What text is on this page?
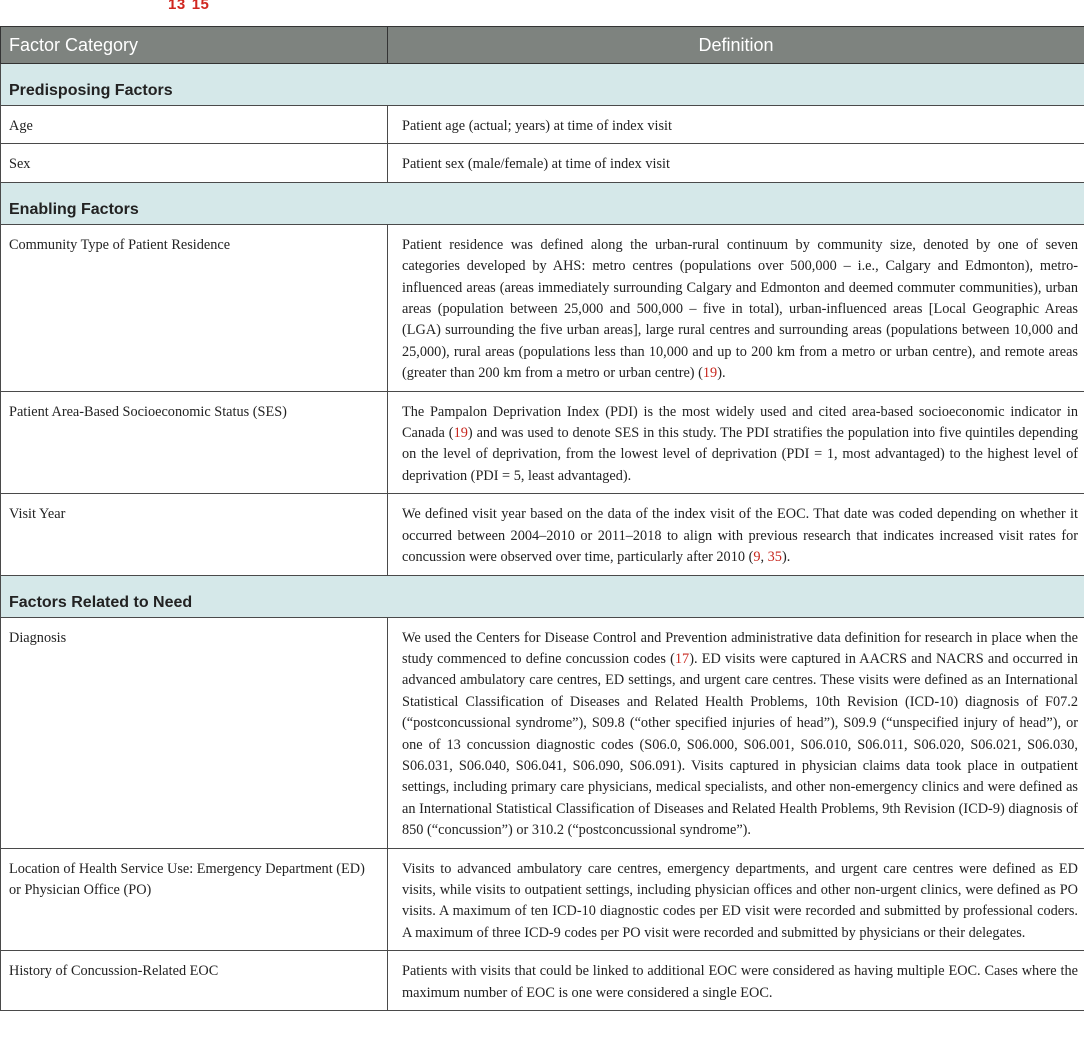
13 15
Factor Category	Definition
Predisposing Factors	
Age	Patient age (actual; years) at time of index visit
Sex	Patient sex (male/female) at time of index visit
Enabling Factors	
Community Type of Patient Residence	Patient residence was defined along the urban-rural continuum by community size, denoted by one of seven categories developed by AHS: metro centres (populations over 500,000 – i.e., Calgary and Edmonton), metro-influenced areas (areas immediately surrounding Calgary and Edmonton and deemed commuter communities), urban areas (population between 25,000 and 500,000 – five in total), urban-influenced areas [Local Geographic Areas (LGA) surrounding the five urban areas], large rural centres and surrounding areas (populations between 10,000 and 25,000), rural areas (populations less than 10,000 and up to 200 km from a metro or urban centre), and remote areas (greater than 200 km from a metro or urban centre) (19).
Patient Area-Based Socioeconomic Status (SES)	The Pampalon Deprivation Index (PDI) is the most widely used and cited area-based socioeconomic indicator in Canada (19) and was used to denote SES in this study. The PDI stratifies the population into five quintiles depending on the level of deprivation, from the lowest level of deprivation (PDI = 1, most advantaged) to the highest level of deprivation (PDI = 5, least advantaged).
Visit Year	We defined visit year based on the data of the index visit of the EOC. That date was coded depending on whether it occurred between 2004–2010 or 2011–2018 to align with previous research that indicates increased visit rates for concussion were observed over time, particularly after 2010 (9, 35).
Factors Related to Need	
Diagnosis	We used the Centers for Disease Control and Prevention administrative data definition for research in place when the study commenced to define concussion codes (17). ED visits were captured in AACRS and NACRS and occurred in advanced ambulatory care centres, ED settings, and urgent care centres. These visits were defined as an International Statistical Classification of Diseases and Related Health Problems, 10th Revision (ICD-10) diagnosis of F07.2 (“postconcussional syndrome”), S09.8 (“other specified injuries of head”), S09.9 (“unspecified injury of head”), or one of 13 concussion diagnostic codes (S06.0, S06.000, S06.001, S06.010, S06.011, S06.020, S06.021, S06.030, S06.031, S06.040, S06.041, S06.090, S06.091). Visits captured in physician claims data took place in outpatient settings, including primary care physicians, medical specialists, and other non-emergency clinics and were defined as an International Statistical Classification of Diseases and Related Health Problems, 9th Revision (ICD-9) diagnosis of 850 (“concussion”) or 310.2 (“postconcussional syndrome”).
Location of Health Service Use: Emergency Department (ED) or Physician Office (PO)	Visits to advanced ambulatory care centres, emergency departments, and urgent care centres were defined as ED visits, while visits to outpatient settings, including physician offices and other non-urgent clinics, were defined as PO visits. A maximum of ten ICD-10 diagnostic codes per ED visit were recorded and submitted by professional coders. A maximum of three ICD-9 codes per PO visit were recorded and submitted by physicians or their delegates.
History of Concussion-Related EOC	Patients with visits that could be linked to additional EOC were considered as having multiple EOC. Cases where the maximum number of EOC is one were considered a single EOC.
